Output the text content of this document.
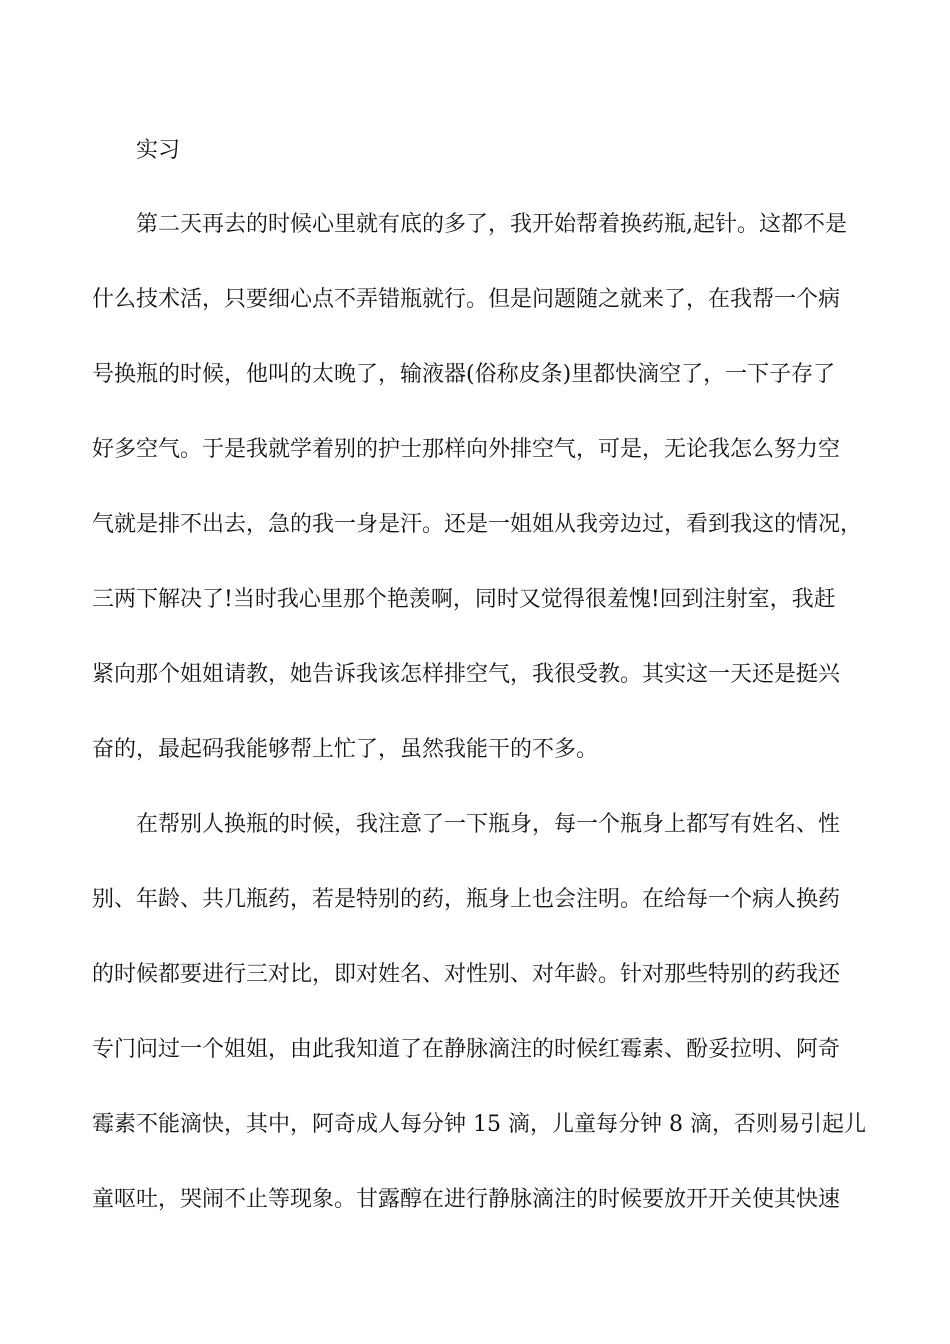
实习
第二天再去的时候心里就有底的多了，我开始帮着换药瓶,起针。这都不是
什么技术活，只要细心点不弄错瓶就行。但是问题随之就来了，在我帮一个病
号换瓶的时候，他叫的太晚了，输液器(俗称皮条)里都快滴空了，一下子存了
好多空气。于是我就学着别的护士那样向外排空气，可是，无论我怎么努力空
气就是排不出去，急的我一身是汗。还是一姐姐从我旁边过，看到我这的情况，
三两下解决了!当时我心里那个艳羡啊，同时又觉得很羞愧!回到注射室，我赶
紧向那个姐姐请教，她告诉我该怎样排空气，我很受教。其实这一天还是挺兴
奋的，最起码我能够帮上忙了，虽然我能干的不多。
在帮别人换瓶的时候，我注意了一下瓶身，每一个瓶身上都写有姓名、性
别、年龄、共几瓶药，若是特别的药，瓶身上也会注明。在给每一个病人换药
的时候都要进行三对比，即对姓名、对性别、对年龄。针对那些特别的药我还
专门问过一个姐姐，由此我知道了在静脉滴注的时候红霉素、酚妥拉明、阿奇
霉素不能滴快，其中，阿奇成人每分钟 15 滴，儿童每分钟 8 滴，否则易引起儿
童呕吐，哭闹不止等现象。甘露醇在进行静脉滴注的时候要放开开关使其快速
